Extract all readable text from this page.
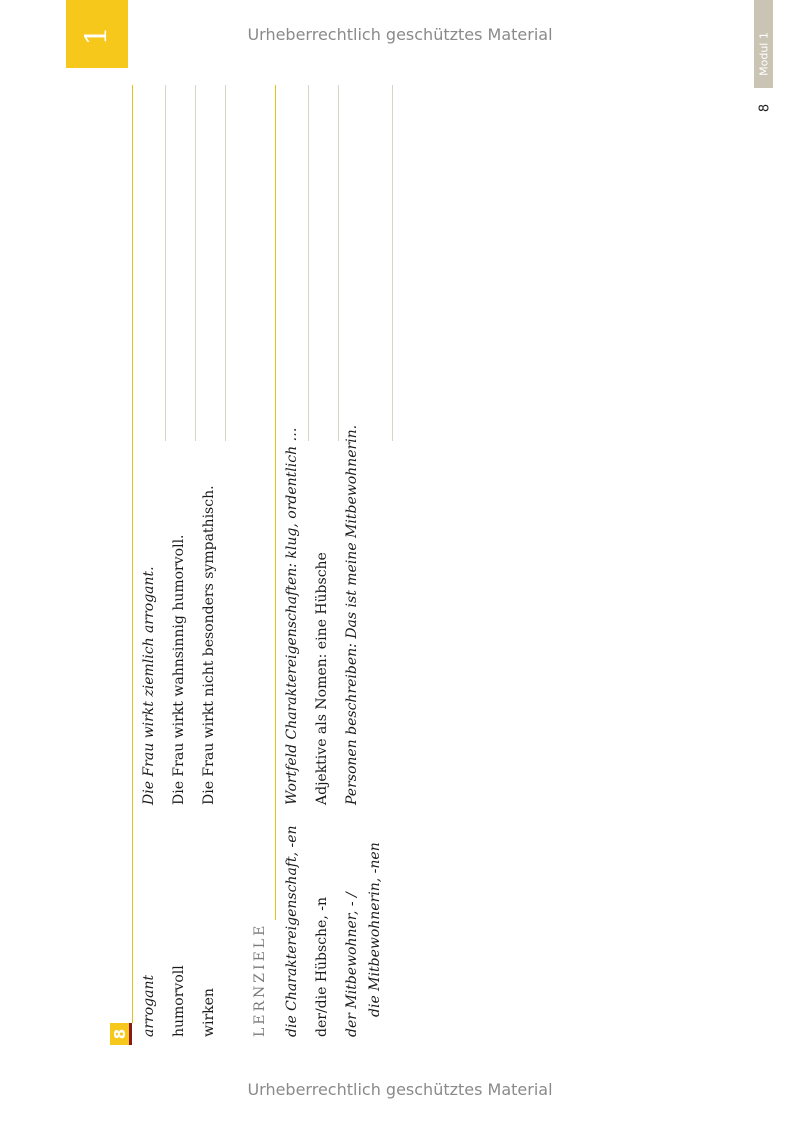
Urheberrechtlich geschütztes Material
1	Modul 1
8
8 arrogant
Die Frau wirkt ziemlich arrogant.
humorvoll
Die Frau wirkt wahnsinnig humorvoll.
wirken
Die Frau wirkt nicht besonders sympathisch.
LERNZIELE die Charaktereigenschaft, -en
Wortfeld Charaktereigenschaften: klug, ordentlich …
der/die Hübsche, -n
Adjektive als Nomen: eine Hübsche
der Mitbewohner, - /
Personen beschreiben: Das ist meine Mitbewohnerin.
die Mitbewohnerin, -nen
Urheberrechtlich geschütztes Material
